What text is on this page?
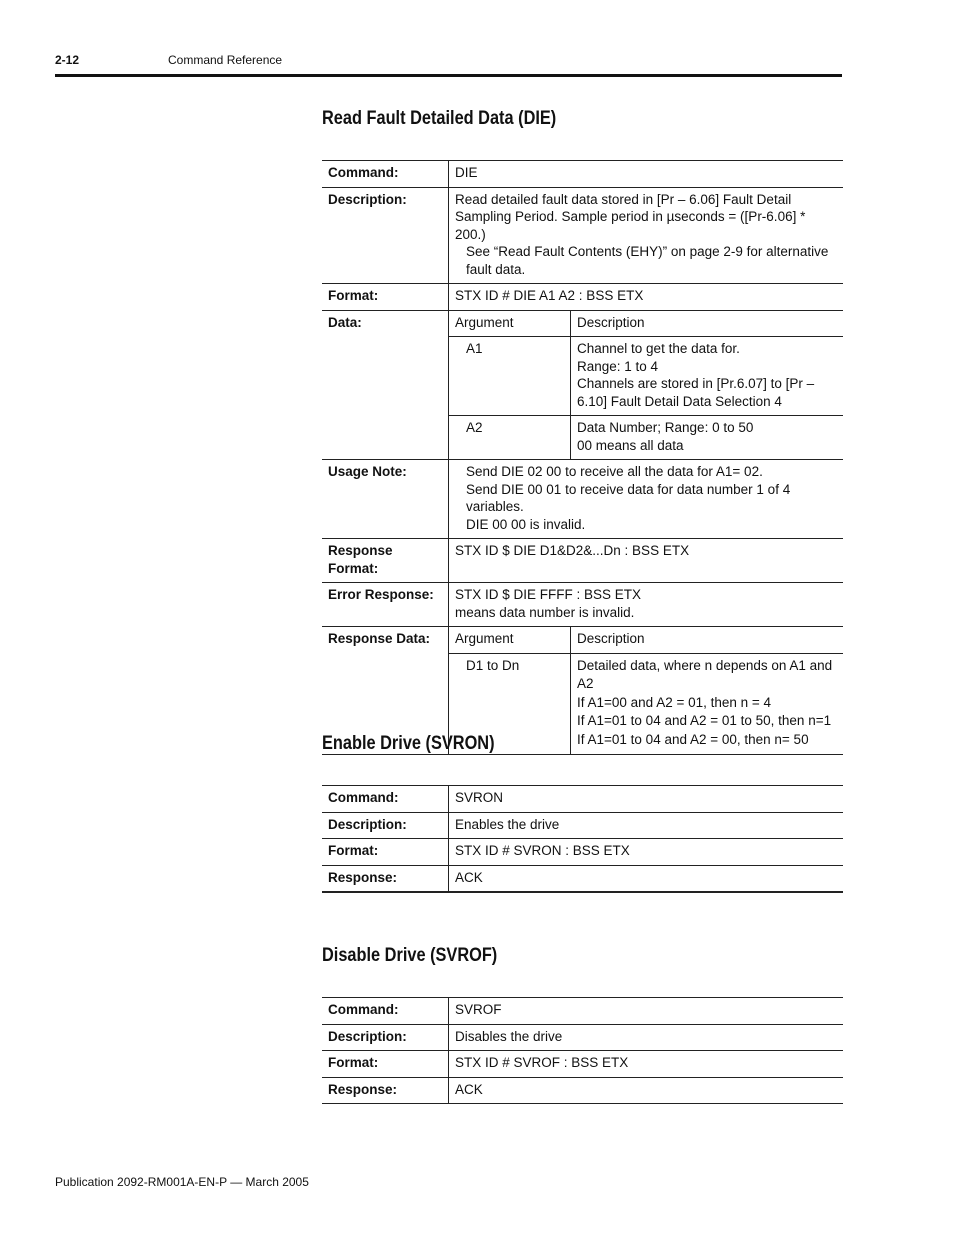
2-12	Command Reference
Read Fault Detailed Data (DIE)
Command:	DIE	
Description:	Read detailed fault data stored in [Pr – 6.06] Fault Detail Sampling Period. Sample period in µseconds = ([Pr-6.06] * 200.)
See “Read Fault Contents (EHY)” on page 2-9 for alternative fault data.	

Format:	STX ID # DIE A1 A2 : BSS ETX	
Data:	Argument	Description
	A1	Channel to get the data for.
Range: 1 to 4
Channels are stored in [Pr.6.07] to [Pr – 6.10] Fault Detail Data Selection 4

	A2	Data Number; Range: 0 to 50
00 means all data

Usage Note:	Send DIE 02 00 to receive all the data for A1= 02.
Send DIE 00 01 to receive data for data number 1 of 4 variables.
DIE 00 00 is invalid.	

Response Format:	STX ID $ DIE D1&D2&...Dn : BSS ETX	
Error Response:	STX ID $ DIE FFFF : BSS ETX
means data number is invalid.	

Response Data:	Argument	Description
	D1 to Dn	Detailed data, where n depends on A1 and A2
If A1=00 and A2 = 01, then n = 4
If A1=01 to 04 and A2 = 01 to 50, then n=1
If A1=01 to 04 and A2 = 00, then n= 50
Enable Drive (SVRON)
Command:	SVRON
Description:	Enables the drive
Format:	STX ID # SVRON : BSS ETX
Response:	ACK
Disable Drive (SVROF)
Command:	SVROF
Description:	Disables the drive
Format:	STX ID # SVROF : BSS ETX
Response:	ACK
Publication 2092-RM001A-EN-P — March 2005
